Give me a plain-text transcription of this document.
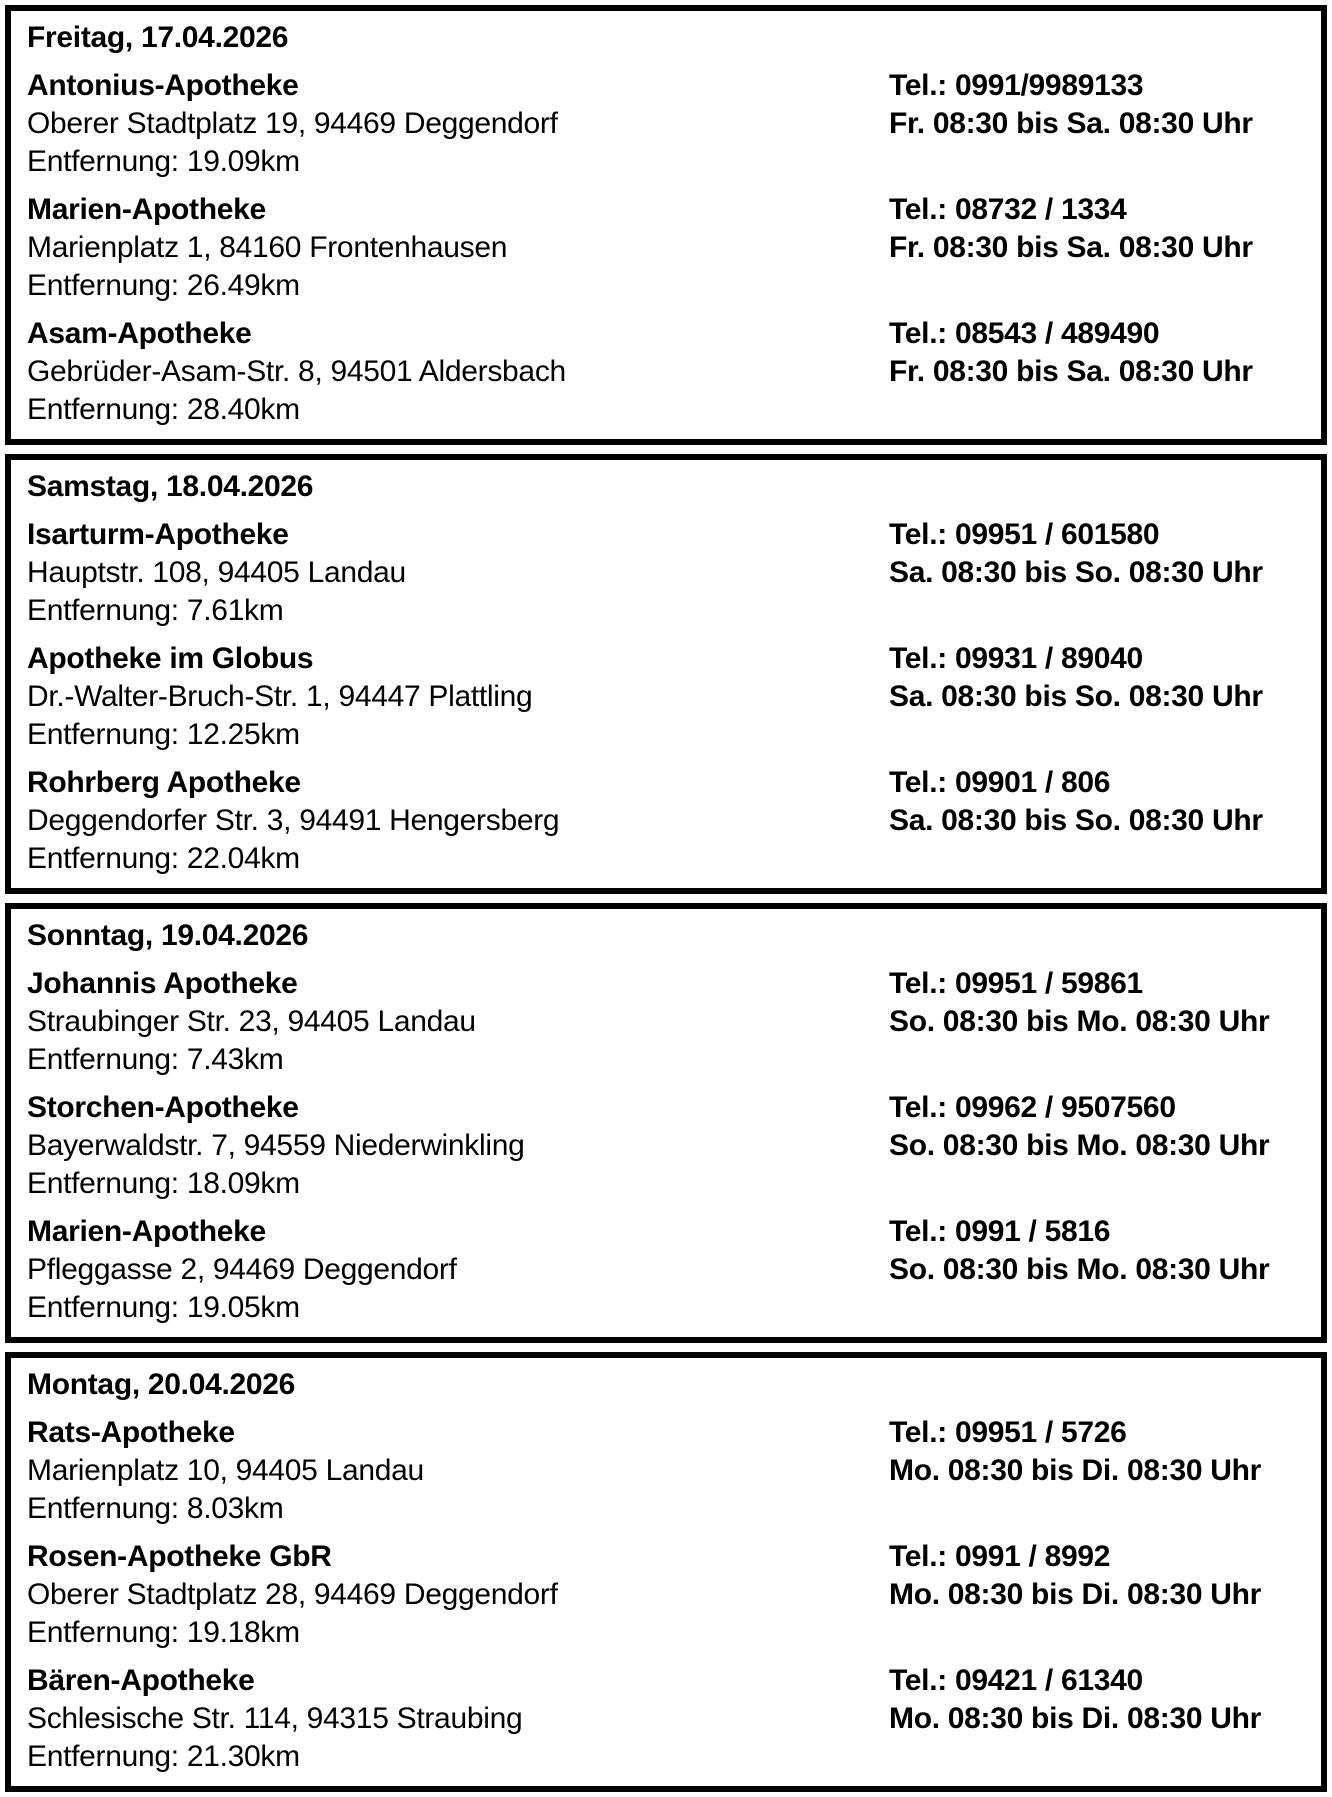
Freitag, 17.04.2026
Antonius-Apotheke	Tel.: 0991/9989133
Oberer Stadtplatz 19, 94469 Deggendorf	Fr. 08:30 bis Sa. 08:30 Uhr
Entfernung: 19.09km
Marien-Apotheke	Tel.: 08732 / 1334
Marienplatz 1, 84160 Frontenhausen	Fr. 08:30 bis Sa. 08:30 Uhr
Entfernung: 26.49km
Asam-Apotheke	Tel.: 08543 / 489490
Gebrüder-Asam-Str. 8, 94501 Aldersbach	Fr. 08:30 bis Sa. 08:30 Uhr
Entfernung: 28.40km
Samstag, 18.04.2026
Isarturm-Apotheke	Tel.: 09951 / 601580
Hauptstr. 108, 94405 Landau	Sa. 08:30 bis So. 08:30 Uhr
Entfernung: 7.61km
Apotheke im Globus	Tel.: 09931 / 89040
Dr.-Walter-Bruch-Str. 1, 94447 Plattling	Sa. 08:30 bis So. 08:30 Uhr
Entfernung: 12.25km
Rohrberg Apotheke	Tel.: 09901 / 806
Deggendorfer Str. 3, 94491 Hengersberg	Sa. 08:30 bis So. 08:30 Uhr
Entfernung: 22.04km
Sonntag, 19.04.2026
Johannis Apotheke	Tel.: 09951 / 59861
Straubinger Str. 23, 94405 Landau	So. 08:30 bis Mo. 08:30 Uhr
Entfernung: 7.43km
Storchen-Apotheke	Tel.: 09962 / 9507560
Bayerwaldstr. 7, 94559 Niederwinkling	So. 08:30 bis Mo. 08:30 Uhr
Entfernung: 18.09km
Marien-Apotheke	Tel.: 0991 / 5816
Pfleggasse 2, 94469 Deggendorf	So. 08:30 bis Mo. 08:30 Uhr
Entfernung: 19.05km
Montag, 20.04.2026
Rats-Apotheke	Tel.: 09951 / 5726
Marienplatz 10, 94405 Landau	Mo. 08:30 bis Di. 08:30 Uhr
Entfernung: 8.03km
Rosen-Apotheke GbR	Tel.: 0991 / 8992
Oberer Stadtplatz 28, 94469 Deggendorf	Mo. 08:30 bis Di. 08:30 Uhr
Entfernung: 19.18km
Bären-Apotheke	Tel.: 09421 / 61340
Schlesische Str. 114, 94315 Straubing	Mo. 08:30 bis Di. 08:30 Uhr
Entfernung: 21.30km
